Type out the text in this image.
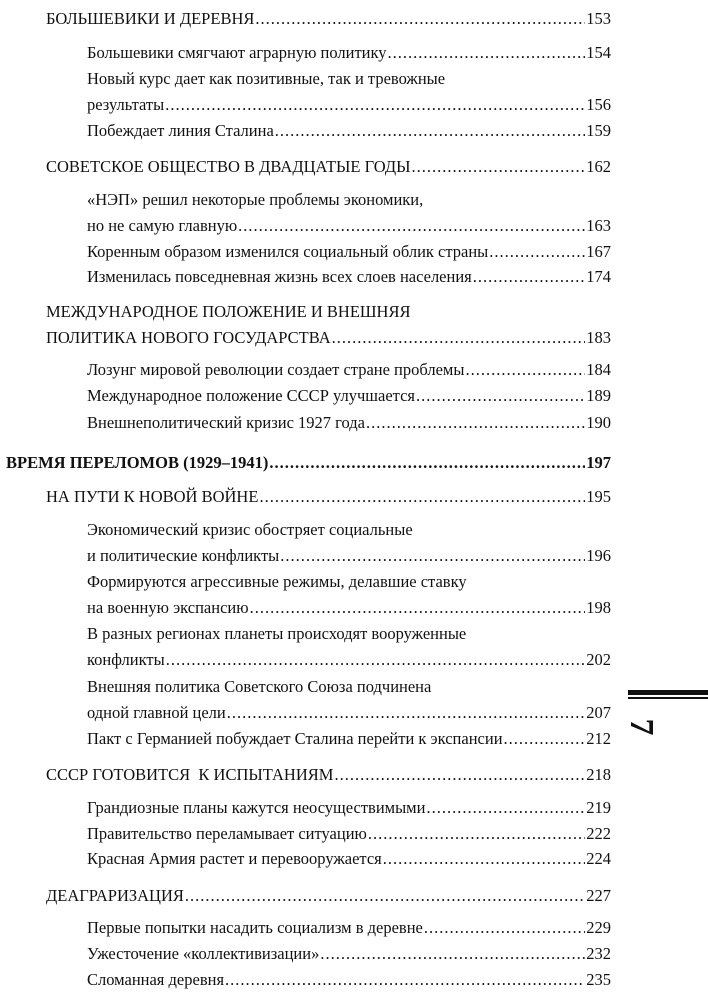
БОЛЬШЕВИКИ И ДЕРЕВНЯ .....	153
Большевики смягчают аграрную политику .....	154
Новый курс дает как позитивные, так и тревожные
результаты .....	156
Побеждает линия Сталина .....	159
СОВЕТСКОЕ ОБЩЕСТВО В ДВАДЦАТЫЕ ГОДЫ .....	162
«НЭП» решил некоторые проблемы экономики,
но не самую главную .....	163
Коренным образом изменился социальный облик страны .....	167
Изменилась повседневная жизнь всех слоев населения .....	174
МЕЖДУНАРОДНОЕ ПОЛОЖЕНИЕ И ВНЕШНЯЯ
ПОЛИТИКА НОВОГО ГОСУДАРСТВА .....	183
Лозунг мировой революции создает стране проблемы .....	184
Международное положение СССР улучшается .....	189
Внешнеполитический кризис 1927 года .....	190
ВРЕМЯ ПЕРЕЛОМОВ (1929–1941) .....	197
НА ПУТИ К НОВОЙ ВОЙНЕ .....	195
Экономический кризис обостряет социальные
и политические конфликты .....	196
Формируются агрессивные режимы, делавшие ставку
на военную экспансию .....	198
В разных регионах планеты происходят вооруженные
конфликты .....	202
Внешняя политика Советского Союза подчинена
одной главной цели .....	207
Пакт с Германией побуждает Сталина перейти к экспансии .....	212
СССР ГОТОВИТСЯ  К ИСПЫТАНИЯМ .....	218
Грандиозные планы кажутся неосуществимыми .....	219
Правительство переламывает ситуацию .....	222
Красная Армия растет и перевооружается .....	224
ДЕАГРАРИЗАЦИЯ .....	227
Первые попытки насадить социализм в деревне .....	229
Ужесточение «коллективизации» .....	232
Сломанная деревня .....	235
7
